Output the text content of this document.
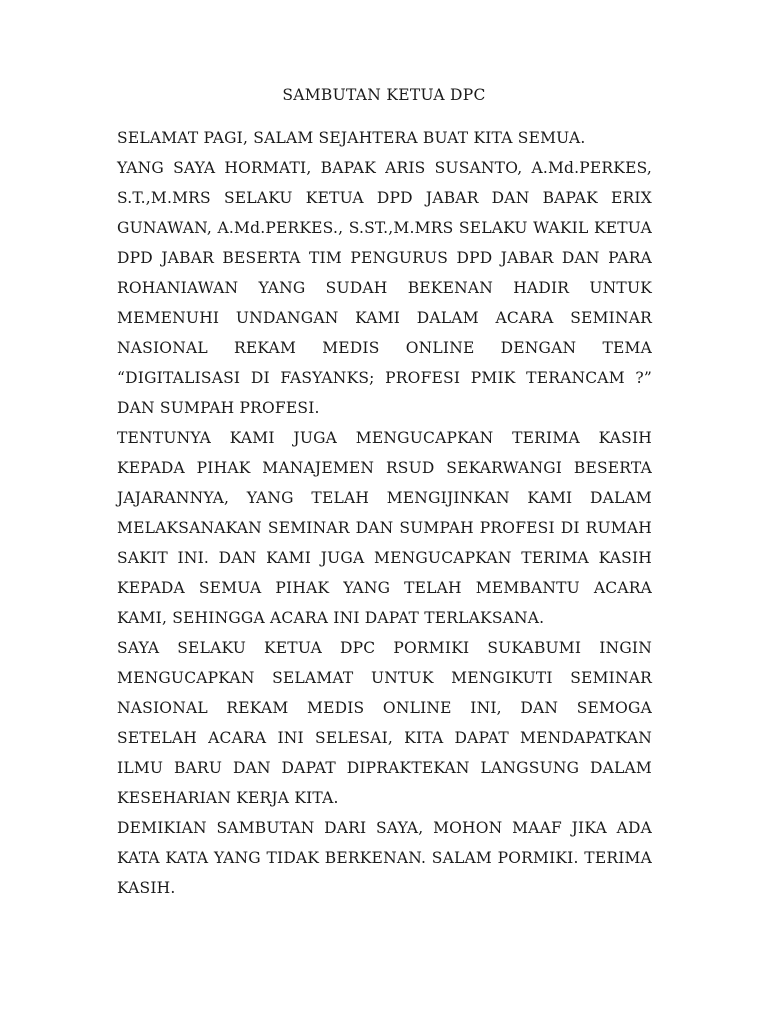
SAMBUTAN KETUA DPC

SELAMAT PAGI, SALAM SEJAHTERA BUAT KITA SEMUA.

YANG SAYA HORMATI, BAPAK ARIS SUSANTO, A.Md.PERKES, S.T.,M.MRS SELAKU KETUA DPD JABAR DAN BAPAK ERIX GUNAWAN, A.Md.PERKES., S.ST.,M.MRS SELAKU WAKIL KETUA DPD JABAR BESERTA TIM PENGURUS DPD JABAR DAN PARA ROHANIAWAN YANG SUDAH BEKENAN HADIR UNTUK MEMENUHI UNDANGAN KAMI DALAM ACARA SEMINAR NASIONAL REKAM MEDIS ONLINE DENGAN TEMA “DIGITALISASI DI FASYANKS; PROFESI PMIK TERANCAM ?” DAN SUMPAH PROFESI.

TENTUNYA KAMI JUGA MENGUCAPKAN TERIMA KASIH KEPADA PIHAK MANAJEMEN RSUD SEKARWANGI BESERTA JAJARANNYA, YANG TELAH MENGIJINKAN KAMI DALAM MELAKSANAKAN SEMINAR DAN SUMPAH PROFESI DI RUMAH SAKIT INI. DAN KAMI JUGA MENGUCAPKAN TERIMA KASIH KEPADA SEMUA PIHAK YANG TELAH MEMBANTU ACARA KAMI, SEHINGGA ACARA INI DAPAT TERLAKSANA.

SAYA SELAKU KETUA DPC PORMIKI SUKABUMI INGIN MENGUCAPKAN SELAMAT UNTUK MENGIKUTI SEMINAR NASIONAL REKAM MEDIS ONLINE INI, DAN SEMOGA SETELAH ACARA INI SELESAI, KITA DAPAT MENDAPATKAN ILMU BARU DAN DAPAT DIPRAKTEKAN LANGSUNG DALAM KESEHARIAN KERJA KITA.

DEMIKIAN SAMBUTAN DARI SAYA, MOHON MAAF JIKA ADA KATA KATA YANG TIDAK BERKENAN. SALAM PORMIKI. TERIMA KASIH.
